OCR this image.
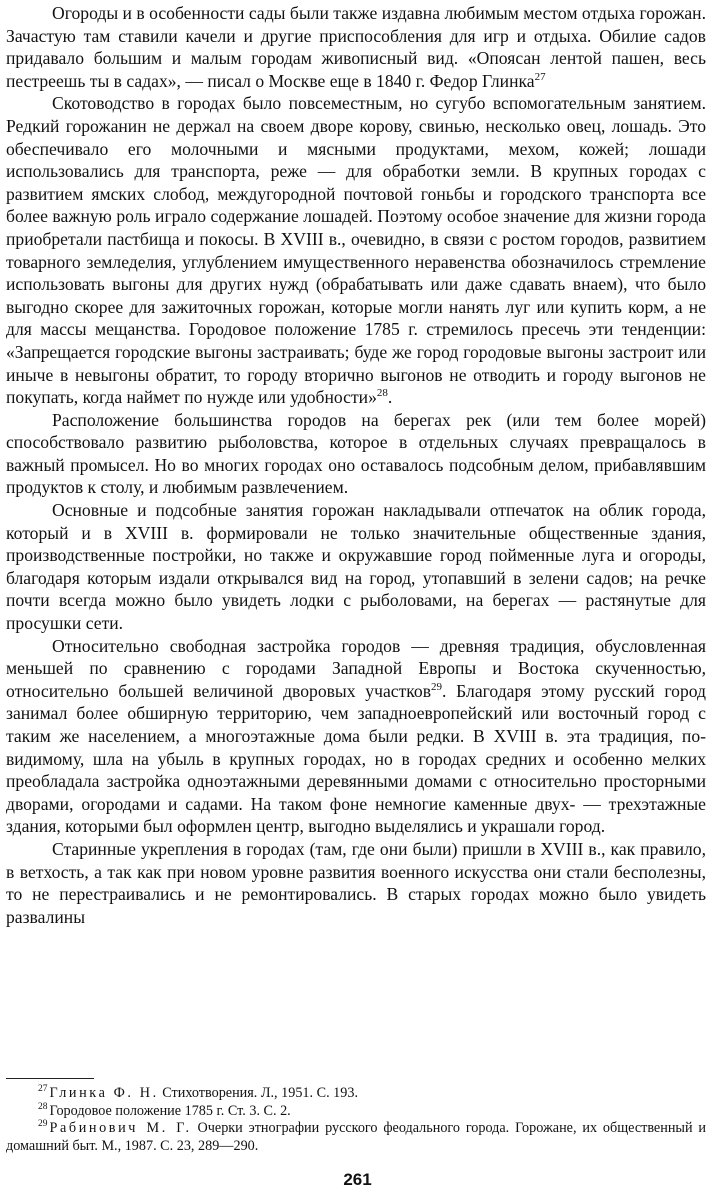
Огороды и в особенности сады были также издавна любимым местом отдыха горожан. Зачастую там ставили качели и другие приспособления для игр и отдыха. Обилие садов придавало большим и малым городам живописный вид. «Опоясан лентой пашен, весь пестреешь ты в садах», — писал о Москве еще в 1840 г. Федор Глинка$^{27}$

Скотоводство в городах было повсеместным, но сугубо вспомогательным занятием. Редкий горожанин не держал на своем дворе корову, свинью, несколько овец, лошадь. Это обеспечивало его молочными и мясными продуктами, мехом, кожей; лошади использовались для транспорта, реже — для обработки земли. В крупных городах с развитием ямских слобод, междугородной почтовой гоньбы и городского транспорта все более важную роль играло содержание лошадей. Поэтому особое значение для жизни города приобретали пастбища и покосы. В XVIII в., очевидно, в связи с ростом городов, развитием товарного земледелия, углублением имущественного неравенства обозначилось стремление использовать выгоны для других нужд (обрабатывать или даже сдавать внаем), что было выгодно скорее для зажиточных горожан, которые могли нанять луг или купить корм, а не для массы мещанства. Городовое положение 1785 г. стремилось пресечь эти тенденции: «Запрещается городские выгоны застраивать; буде же город городовые выгоны застроит или иныче в невыгоны обратит, то городу вторично выгонов не отводить и городу выгонов не покупать, когда наймет по нужде или удобности»$^{28}$.

Расположение большинства городов на берегах рек (или тем более морей) способствовало развитию рыболовства, которое в отдельных случаях превращалось в важный промысел. Но во многих городах оно оставалось подсобным делом, прибавлявшим продуктов к столу, и любимым развлечением.

Основные и подсобные занятия горожан накладывали отпечаток на облик города, который и в XVIII в. формировали не только значительные общественные здания, производственные постройки, но также и окружавшие город пойменные луга и огороды, благодаря которым издали открывался вид на город, утопавший в зелени садов; на речке почти всегда можно было увидеть лодки с рыболовами, на берегах — растянутые для просушки сети.

Относительно свободная застройка городов — древняя традиция, обусловленная меньшей по сравнению с городами Западной Европы и Востока скученностью, относительно большей величиной дворовых участков$^{29}$. Благодаря этому русский город занимал более обширную территорию, чем западноевропейский или восточный город с таким же населением, а многоэтажные дома были редки. В XVIII в. эта традиция, по-видимому, шла на убыль в крупных городах, но в городах средних и особенно мелких преобладала застройка одноэтажными деревянными домами с относительно просторными дворами, огородами и садами. На таком фоне немногие каменные двух- — трехэтажные здания, которыми был оформлен центр, выгодно выделялись и украшали город.

Старинные укрепления в городах (там, где они были) пришли в XVIII в., как правило, в ветхость, а так как при новом уровне развития военного искусства они стали бесполезны, то не перестраивались и не ремонтировались. В старых городах можно было увидеть развалины

$^{27}$ Глинка Ф. Н. Стихотворения. Л., 1951. С. 193.

$^{28}$ Городовое положение 1785 г. Ст. 3. С. 2.

$^{29}$ Рабинович М. Г. Очерки этнографии русского феодального города. Горожане, их общественный и домашний быт. М., 1987. С. 23, 289—290.

261
